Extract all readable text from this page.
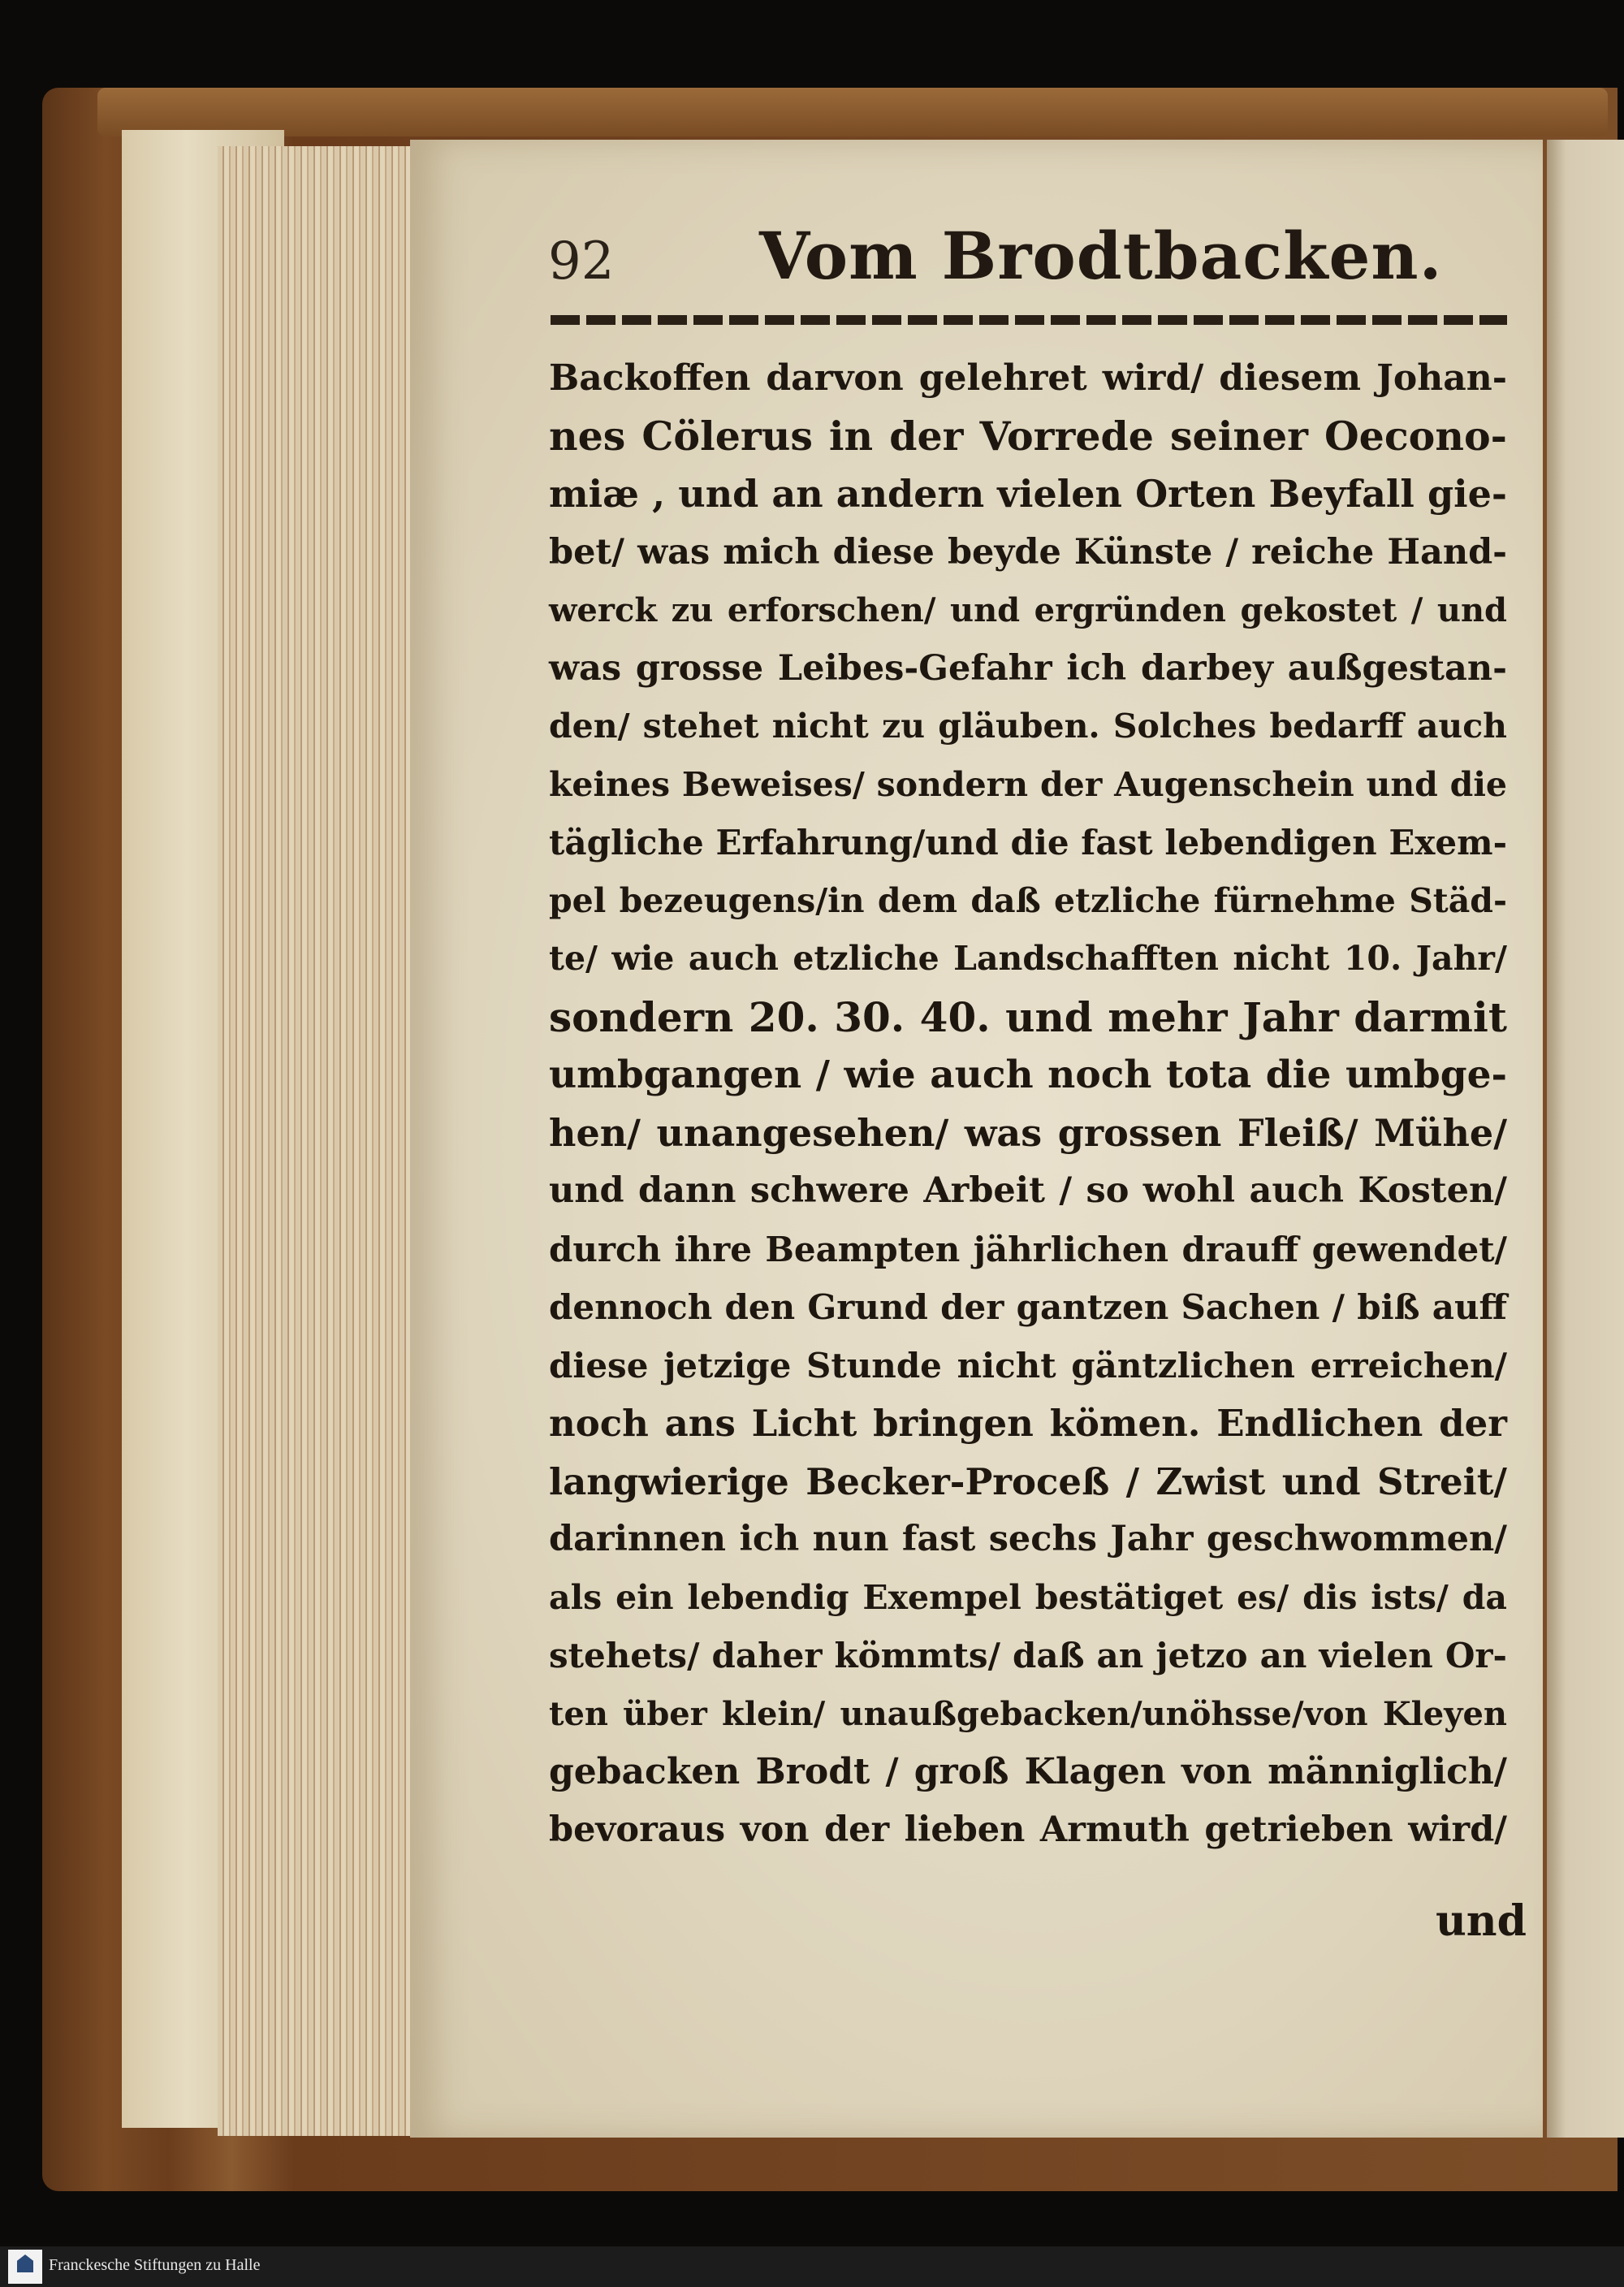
92 Vom Brodtbacken.
Backoffen darvon gelehret wird/ diesem Johan-
nes Cölerus in der Vorrede seiner Oecono-
miæ , und an andern vielen Orten Beyfall gie-
bet/ was mich diese beyde Künste / reiche Hand-
werck zu erforschen/ und ergründen gekostet / und
was grosse Leibes-Gefahr ich darbey außgestan-
den/ stehet nicht zu gläuben. Solches bedarff auch
keines Beweises/ sondern der Augenschein und die
tägliche Erfahrung/und die fast lebendigen Exem-
pel bezeugens/in dem daß etzliche fürnehme Städ-
te/ wie auch etzliche Landschafften nicht 10. Jahr/
sondern 20. 30. 40. und mehr Jahr darmit
umbgangen / wie auch noch tota die umbge-
hen/ unangesehen/ was grossen Fleiß/ Mühe/
und dann schwere Arbeit / so wohl auch Kosten/
durch ihre Beampten jährlichen drauff gewendet/
dennoch den Grund der gantzen Sachen / biß auff
diese jetzige Stunde nicht gäntzlichen erreichen/
noch ans Licht bringen kömen. Endlichen der
langwierige Becker-Proceß / Zwist und Streit/
darinnen ich nun fast sechs Jahr geschwommen/
als ein lebendig Exempel bestätiget es/ dis ists/ da
stehets/ daher kömmts/ daß an jetzo an vielen Or-
ten über klein/ unaußgebacken/unöhsse/von Kleyen
gebacken Brodt / groß Klagen von männiglich/
bevoraus von der lieben Armuth getrieben wird/
und
Franckesche Stiftungen zu Halle
